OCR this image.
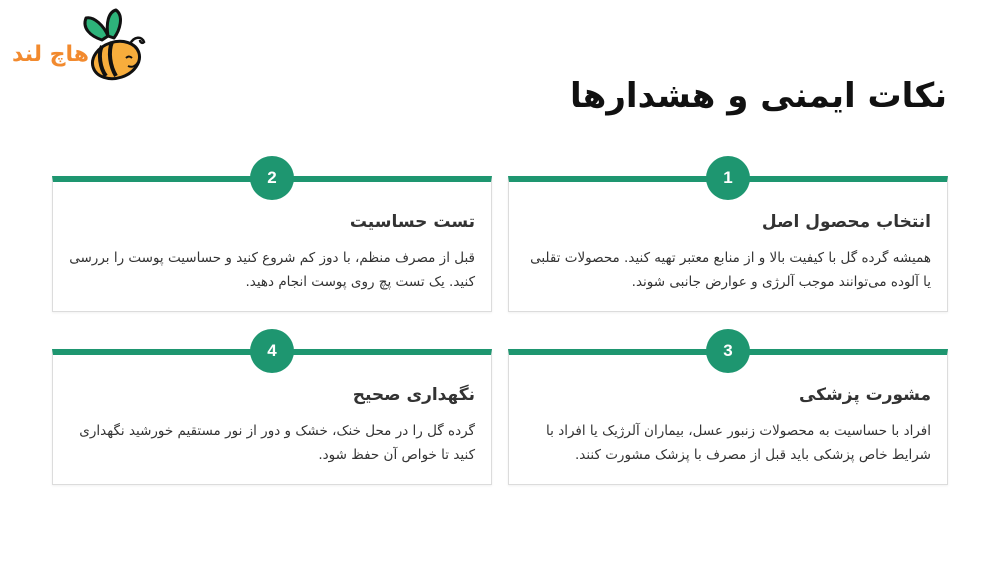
هاچ لند
نکات ایمنی و هشدارها
1
انتخاب محصول اصل
همیشه گرده گل با کیفیت بالا و از منابع معتبر تهیه کنید. محصولات تقلبی یا آلوده می‌توانند موجب آلرژی و عوارض جانبی شوند.
2
تست حساسیت
قبل از مصرف منظم، با دوز کم شروع کنید و حساسیت پوست را بررسی کنید. یک تست پچ روی پوست انجام دهید.
3
مشورت پزشکی
افراد با حساسیت به محصولات زنبور عسل، بیماران آلرژیک یا افراد با شرایط خاص پزشکی باید قبل از مصرف با پزشک مشورت کنند.
4
نگهداری صحیح
گرده گل را در محل خنک، خشک و دور از نور مستقیم خورشید نگهداری کنید تا خواص آن حفظ شود.
